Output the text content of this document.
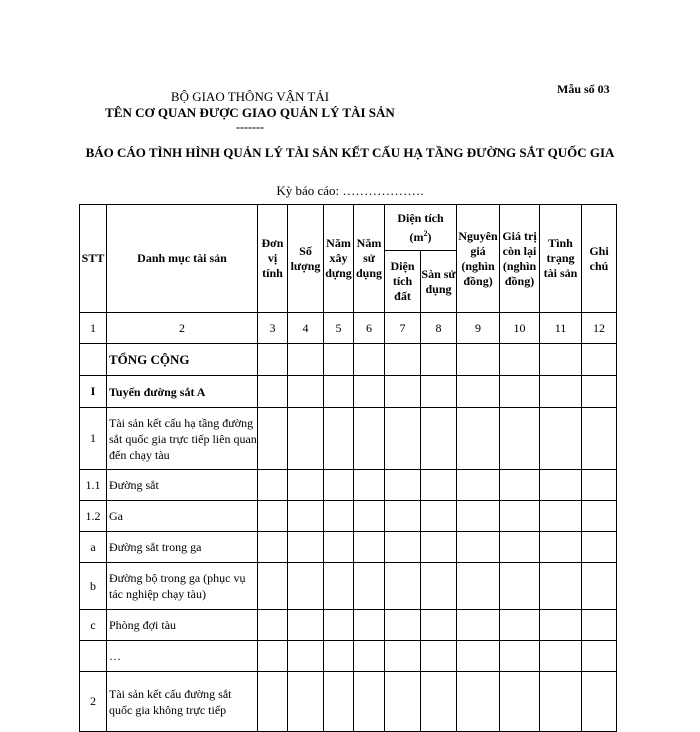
Mẫu số 03
BỘ GIAO THÔNG VẬN TẢI
TÊN CƠ QUAN ĐƯỢC GIAO QUẢN LÝ TÀI SẢN
-------
BÁO CÁO TÌNH HÌNH QUẢN LÝ TÀI SẢN KẾT CẤU HẠ TẦNG ĐƯỜNG SẮT QUỐC GIA
Kỳ báo cáo: ……………….
STT	Danh mục tài sản	Đơn vị tính	Số lượng	Năm xây dựng	Năm sử dụng	Diện tích $(m^2)$		Nguyên giá (nghìn đồng)	Giá trị còn lại (nghìn đồng)	Tình trạng tài sản	Ghi chú
						Diện tích đất	Sàn sử dụng				
1	2	3	4	5	6	7	8	9	10	11	12
	TỔNG CỘNG										
I	Tuyến đường sắt A										
1	Tài sản kết cấu hạ tầng đường sắt quốc gia trực tiếp liên quan đến chạy tàu										
1.1	Đường sắt										
1.2	Ga										
a	Đường sắt trong ga										
b	Đường bộ trong ga (phục vụ tác nghiệp chạy tàu)										
c	Phòng đợi tàu										
	…										
2	Tài sản kết cấu đường sắt quốc gia không trực tiếp										
